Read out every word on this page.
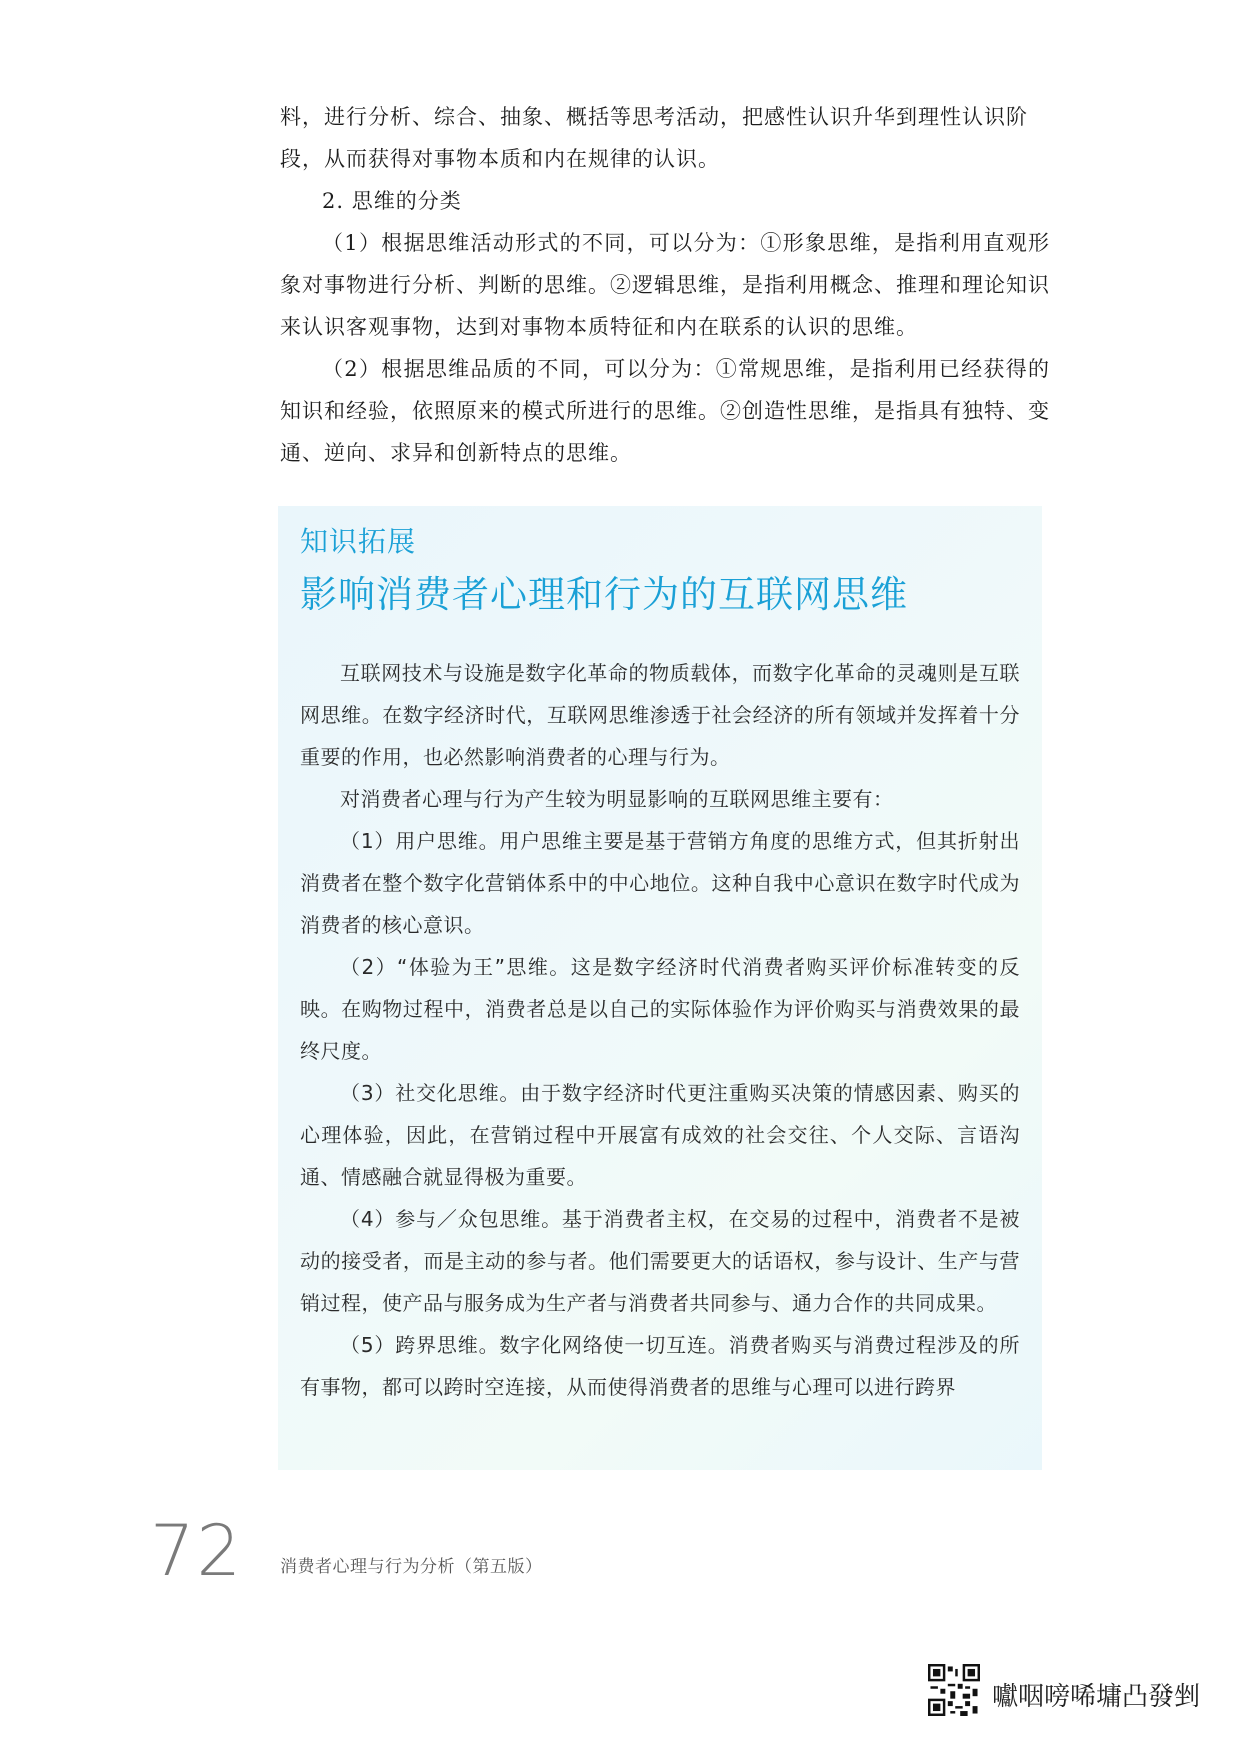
料，进行分析、综合、抽象、概括等思考活动，把感性认识升华到理性认识阶
段，从而获得对事物本质和内在规律的认识。

2. 思维的分类

（1）根据思维活动形式的不同，可以分为：①形象思维，是指利用直观形象对事物进行分析、判断的思维。②逻辑思维，是指利用概念、推理和理论知识来认识客观事物，达到对事物本质特征和内在联系的认识的思维。

（2）根据思维品质的不同，可以分为：①常规思维，是指利用已经获得的知识和经验，依照原来的模式所进行的思维。②创造性思维，是指具有独特、变通、逆向、求异和创新特点的思维。

知识拓展
影响消费者心理和行为的互联网思维

互联网技术与设施是数字化革命的物质载体，而数字化革命的灵魂则是互联网思维。在数字经济时代，互联网思维渗透于社会经济的所有领域并发挥着十分重要的作用，也必然影响消费者的心理与行为。

对消费者心理与行为产生较为明显影响的互联网思维主要有：

（1）用户思维。用户思维主要是基于营销方角度的思维方式，但其折射出消费者在整个数字化营销体系中的中心地位。这种自我中心意识在数字时代成为消费者的核心意识。

（2）“体验为王”思维。这是数字经济时代消费者购买评价标准转变的反映。在购物过程中，消费者总是以自己的实际体验作为评价购买与消费效果的最终尺度。

（3）社交化思维。由于数字经济时代更注重购买决策的情感因素、购买的心理体验，因此，在营销过程中开展富有成效的社会交往、个人交际、言语沟通、情感融合就显得极为重要。

（4）参与／众包思维。基于消费者主权，在交易的过程中，消费者不是被动的接受者，而是主动的参与者。他们需要更大的话语权，参与设计、生产与营销过程，使产品与服务成为生产者与消费者共同参与、通力合作的共同成果。

（5）跨界思维。数字化网络使一切互连。消费者购买与消费过程涉及的所有事物，都可以跨时空连接，从而使得消费者的思维与心理可以进行跨界

72 消费者心理与行为分析（第五版）
囐咽嗙唏墉凸發剉
